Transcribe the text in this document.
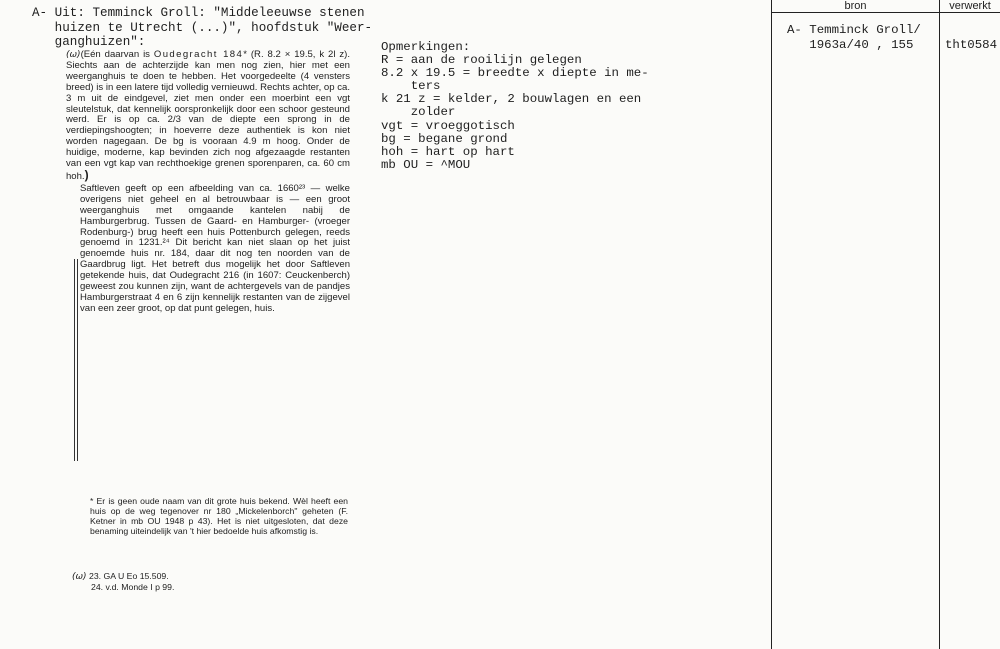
A- Uit: Temminck Groll: "Middeleeuwse stenen
huizen te Utrecht (...)", hoofdstuk "Weer-
ganghuizen":

(ω)(Eén daarvan is Oudegracht 184* (R. 8.2 × 19.5, k 2l z). Siechts aan de achterzijde kan men nog zien, hier met een weerganghuis te doen te hebben. Het voorgedeelte (4 vensters breed) is in een latere tijd volledig vernieuwd. Rechts achter, op ca. 3 m uit de eindgevel, ziet men onder een moerbint een vgt sleutelstuk, dat kennelijk oorspronkelijk door een schoor gesteund werd. Er is op ca. 2/3 van de diepte een sprong in de verdiepingshoogten; in hoeverre deze authentiek is kon niet worden nagegaan. De bg is vooraan 4.9 m hoog. Onder de huidige, moderne, kap bevinden zich nog afgezaagde restanten van een vgt kap van rechthoekige grenen sporenparen, ca. 60 cm hoh.)

Saftleven geeft op een afbeelding van ca. 1660²³ — welke overigens niet geheel en al betrouwbaar is — een groot weerganghuis met omgaande kantelen nabij de Hamburgerbrug. Tussen de Gaard- en Hamburger- (vroeger Rodenburg-) brug heeft een huis Pottenburch gelegen, reeds genoemd in 1231.²⁴ Dit bericht kan niet slaan op het juist genoemde huis nr. 184, daar dit nog ten noorden van de Gaardbrug ligt. Het betreft dus mogelijk het door Saftleven getekende huis, dat Oudegracht 216 (in 1607: Ceuckenberch) geweest zou kunnen zijn, want de achtergevels van de pandjes Hamburgerstraat 4 en 6 zijn kennelijk restanten van de zijgevel van een zeer groot, op dat punt gelegen, huis.

* Er is geen oude naam van dit grote huis bekend. Wèl heeft een huis op de weg tegenover nr 180 „Mickelenborch" geheten (F. Ketner in mb OU 1948 p 43). Het is niet uitgesloten, dat deze benaming uiteindelijk van 't hier bedoelde huis afkomstig is.
(ω) 23. GA U Eo 15.509.
24. v.d. Monde I p 99.
Opmerkingen:
R = aan de rooilijn gelegen
8.2 x 19.5 = breedte x diepte in me-
ters
k 21 z = kelder, 2 bouwlagen en een
zolder
vgt = vroeggotisch
bg = begane grond
hoh = hart op hart
mb OU = ^MOU
bron	verwerkt
A- Temminck Groll/
1963a/40 , 155	tht0584
